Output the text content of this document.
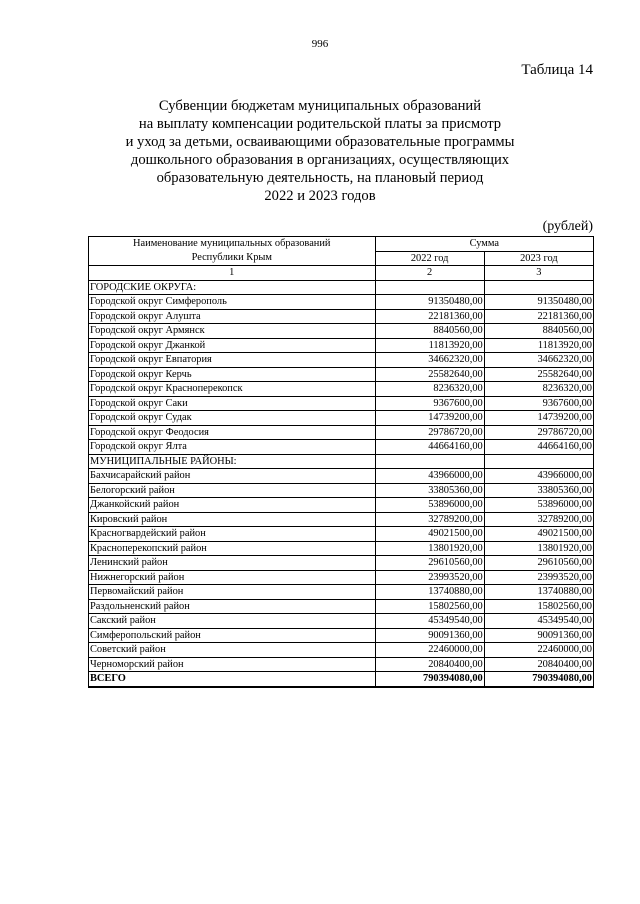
996
Таблица 14
Субвенции бюджетам муниципальных образований
на выплату компенсации родительской платы за присмотр
и уход за детьми, осваивающими образовательные программы
дошкольного образования в организациях, осуществляющих
образовательную деятельность, на плановый период
2022 и 2023 годов
(рублей)
Наименование муниципальных образований
Республики Крым	Сумма	
	2022 год	2023 год
1	2	3
ГОРОДСКИЕ ОКРУГА:		
Городской округ Симферополь	91350480,00	91350480,00
Городской округ Алушта	22181360,00	22181360,00
Городской округ Армянск	8840560,00	8840560,00
Городской округ Джанкой	11813920,00	11813920,00
Городской округ Евпатория	34662320,00	34662320,00
Городской округ Керчь	25582640,00	25582640,00
Городской округ Красноперекопск	8236320,00	8236320,00
Городской округ Саки	9367600,00	9367600,00
Городской округ Судак	14739200,00	14739200,00
Городской округ Феодосия	29786720,00	29786720,00
Городской округ Ялта	44664160,00	44664160,00
МУНИЦИПАЛЬНЫЕ РАЙОНЫ:		
Бахчисарайский район	43966000,00	43966000,00
Белогорский район	33805360,00	33805360,00
Джанкойский район	53896000,00	53896000,00
Кировский район	32789200,00	32789200,00
Красногвардейский район	49021500,00	49021500,00
Красноперекопский район	13801920,00	13801920,00
Ленинский район	29610560,00	29610560,00
Нижнегорский район	23993520,00	23993520,00
Первомайский район	13740880,00	13740880,00
Раздольненский район	15802560,00	15802560,00
Сакский район	45349540,00	45349540,00
Симферопольский район	90091360,00	90091360,00
Советский район	22460000,00	22460000,00
Черноморский район	20840400,00	20840400,00
ВСЕГО	790394080,00	790394080,00
